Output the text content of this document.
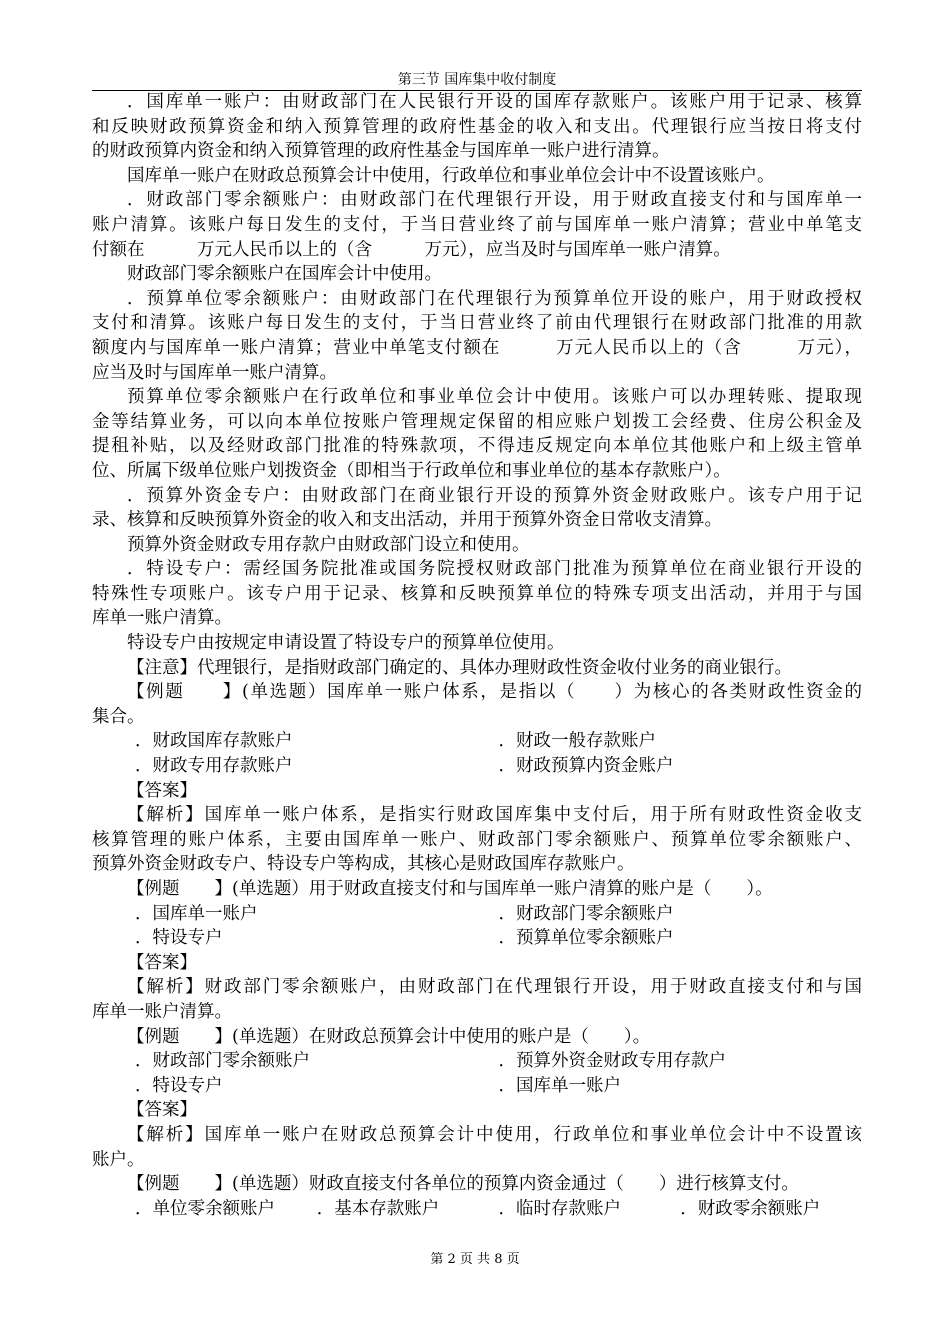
第三节 国库集中收付制度
．国库单一账户：由财政部门在人民银行开设的国库存款账户。该账户用于记录、核算
和反映财政预算资金和纳入预算管理的政府性基金的收入和支出。代理银行应当按日将支付
的财政预算内资金和纳入预算管理的政府性基金与国库单一账户进行清算。
国库单一账户在财政总预算会计中使用，行政单位和事业单位会计中不设置该账户。
．财政部门零余额账户：由财政部门在代理银行开设，用于财政直接支付和与国库单一
账户清算。该账户每日发生的支付，于当日营业终了前与国库单一账户清算；营业中单笔支
付额在　　　万元人民币以上的（含　　　万元），应当及时与国库单一账户清算。
财政部门零余额账户在国库会计中使用。
．预算单位零余额账户：由财政部门在代理银行为预算单位开设的账户，用于财政授权
支付和清算。该账户每日发生的支付，于当日营业终了前由代理银行在财政部门批准的用款
额度内与国库单一账户清算；营业中单笔支付额在　　　万元人民币以上的（含　　　万元），
应当及时与国库单一账户清算。
预算单位零余额账户在行政单位和事业单位会计中使用。该账户可以办理转账、提取现
金等结算业务，可以向本单位按账户管理规定保留的相应账户划拨工会经费、住房公积金及
提租补贴，以及经财政部门批准的特殊款项，不得违反规定向本单位其他账户和上级主管单
位、所属下级单位账户划拨资金（即相当于行政单位和事业单位的基本存款账户）。
．预算外资金专户：由财政部门在商业银行开设的预算外资金财政账户。该专户用于记
录、核算和反映预算外资金的收入和支出活动，并用于预算外资金日常收支清算。
预算外资金财政专用存款户由财政部门设立和使用。
．特设专户：需经国务院批准或国务院授权财政部门批准为预算单位在商业银行开设的
特殊性专项账户。该专户用于记录、核算和反映预算单位的特殊专项支出活动，并用于与国
库单一账户清算。
特设专户由按规定申请设置了特设专户的预算单位使用。
【注意】代理银行，是指财政部门确定的、具体办理财政性资金收付业务的商业银行。
【例题　　】(单选题）国库单一账户体系，是指以（　　）为核心的各类财政性资金的
集合。
．财政国库存款账户	．财政一般存款账户
．财政专用存款账户	．财政预算内资金账户
【答案】
【解析】国库单一账户体系，是指实行财政国库集中支付后，用于所有财政性资金收支
核算管理的账户体系，主要由国库单一账户、财政部门零余额账户、预算单位零余额账户、
预算外资金财政专户、特设专户等构成，其核心是财政国库存款账户。
【例题　　】(单选题）用于财政直接支付和与国库单一账户清算的账户是（　　）。
．国库单一账户	．财政部门零余额账户
．特设专户	．预算单位零余额账户
【答案】
【解析】财政部门零余额账户，由财政部门在代理银行开设，用于财政直接支付和与国
库单一账户清算。
【例题　　】(单选题）在财政总预算会计中使用的账户是（　　）。
．财政部门零余额账户	．预算外资金财政专用存款户
．特设专户	．国库单一账户
【答案】
【解析】国库单一账户在财政总预算会计中使用，行政单位和事业单位会计中不设置该
账户。
【例题　　】(单选题）财政直接支付各单位的预算内资金通过（　　）进行核算支付。
．单位零余额账户	．基本存款账户	．临时存款账户	．财政零余额账户
第 2 页 共 8 页
